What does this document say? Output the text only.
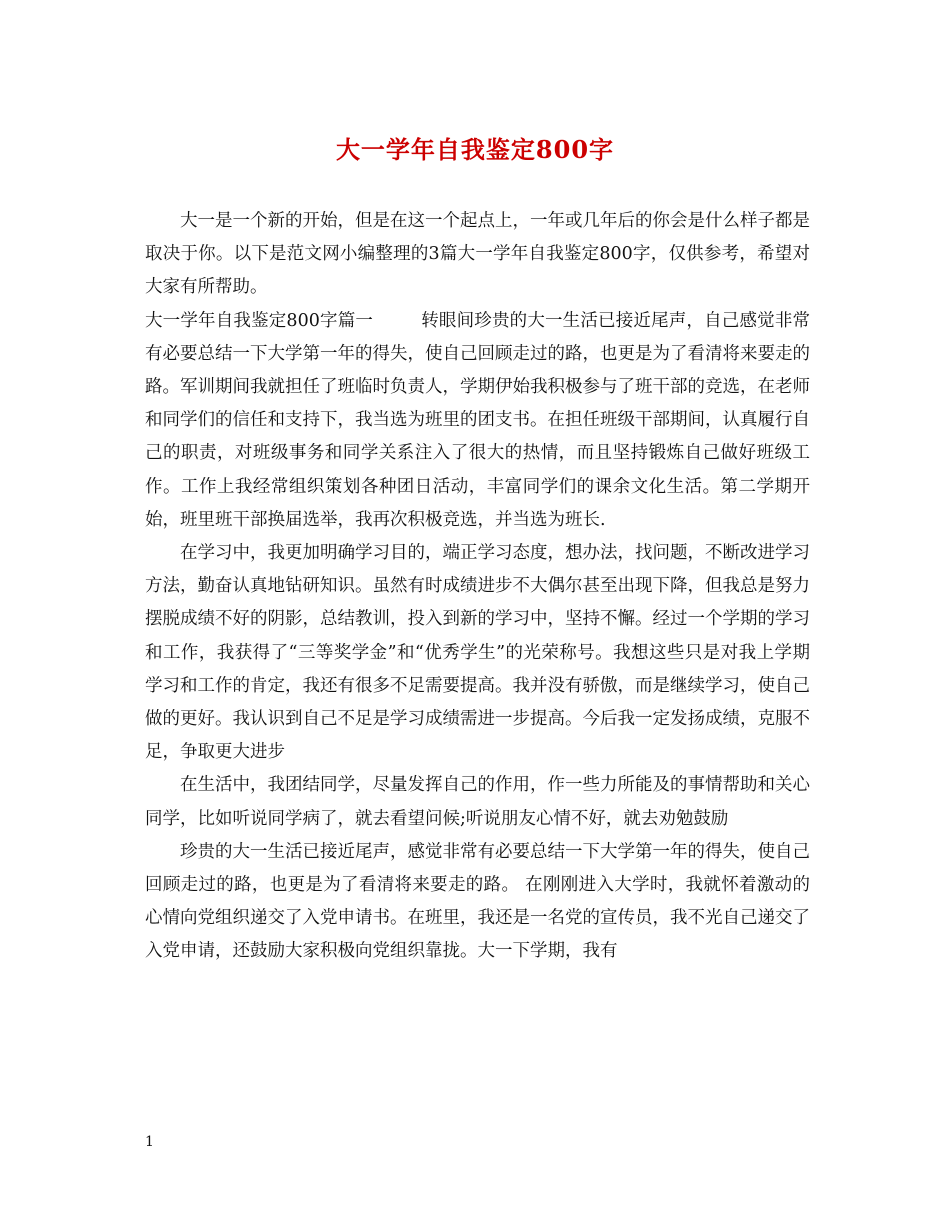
大一学年自我鉴定800字

大一是一个新的开始，但是在这一个起点上，一年或几年后的你会是什么样子都是取决于你。以下是范文网小编整理的3篇大一学年自我鉴定800字，仅供参考，希望对大家有所帮助。

大一学年自我鉴定800字篇一	转眼间珍贵的大一生活已接近尾声，自己感觉非常有必要总结一下大学第一年的得失，使自己回顾走过的路，也更是为了看清将来要走的路。军训期间我就担任了班临时负责人，学期伊始我积极参与了班干部的竞选，在老师和同学们的信任和支持下，我当选为班里的团支书。在担任班级干部期间，认真履行自己的职责，对班级事务和同学关系注入了很大的热情，而且坚持锻炼自己做好班级工作。工作上我经常组织策划各种团日活动，丰富同学们的课余文化生活。第二学期开始，班里班干部换届选举，我再次积极竞选，并当选为班长.

在学习中，我更加明确学习目的，端正学习态度，想办法，找问题，不断改进学习方法，勤奋认真地钻研知识。虽然有时成绩进步不大偶尔甚至出现下降，但我总是努力摆脱成绩不好的阴影，总结教训，投入到新的学习中，坚持不懈。经过一个学期的学习和工作，我获得了“三等奖学金”和“优秀学生”的光荣称号。我想这些只是对我上学期学习和工作的肯定，我还有很多不足需要提高。我并没有骄傲，而是继续学习，使自己做的更好。我认识到自己不足是学习成绩需进一步提高。今后我一定发扬成绩，克服不足，争取更大进步

在生活中，我团结同学，尽量发挥自己的作用，作一些力所能及的事情帮助和关心同学，比如听说同学病了，就去看望问候;听说朋友心情不好，就去劝勉鼓励

珍贵的大一生活已接近尾声，感觉非常有必要总结一下大学第一年的得失，使自己回顾走过的路，也更是为了看清将来要走的路。 在刚刚进入大学时，我就怀着激动的心情向党组织递交了入党申请书。在班里，我还是一名党的宣传员，我不光自己递交了入党申请，还鼓励大家积极向党组织靠拢。大一下学期，我有

1
